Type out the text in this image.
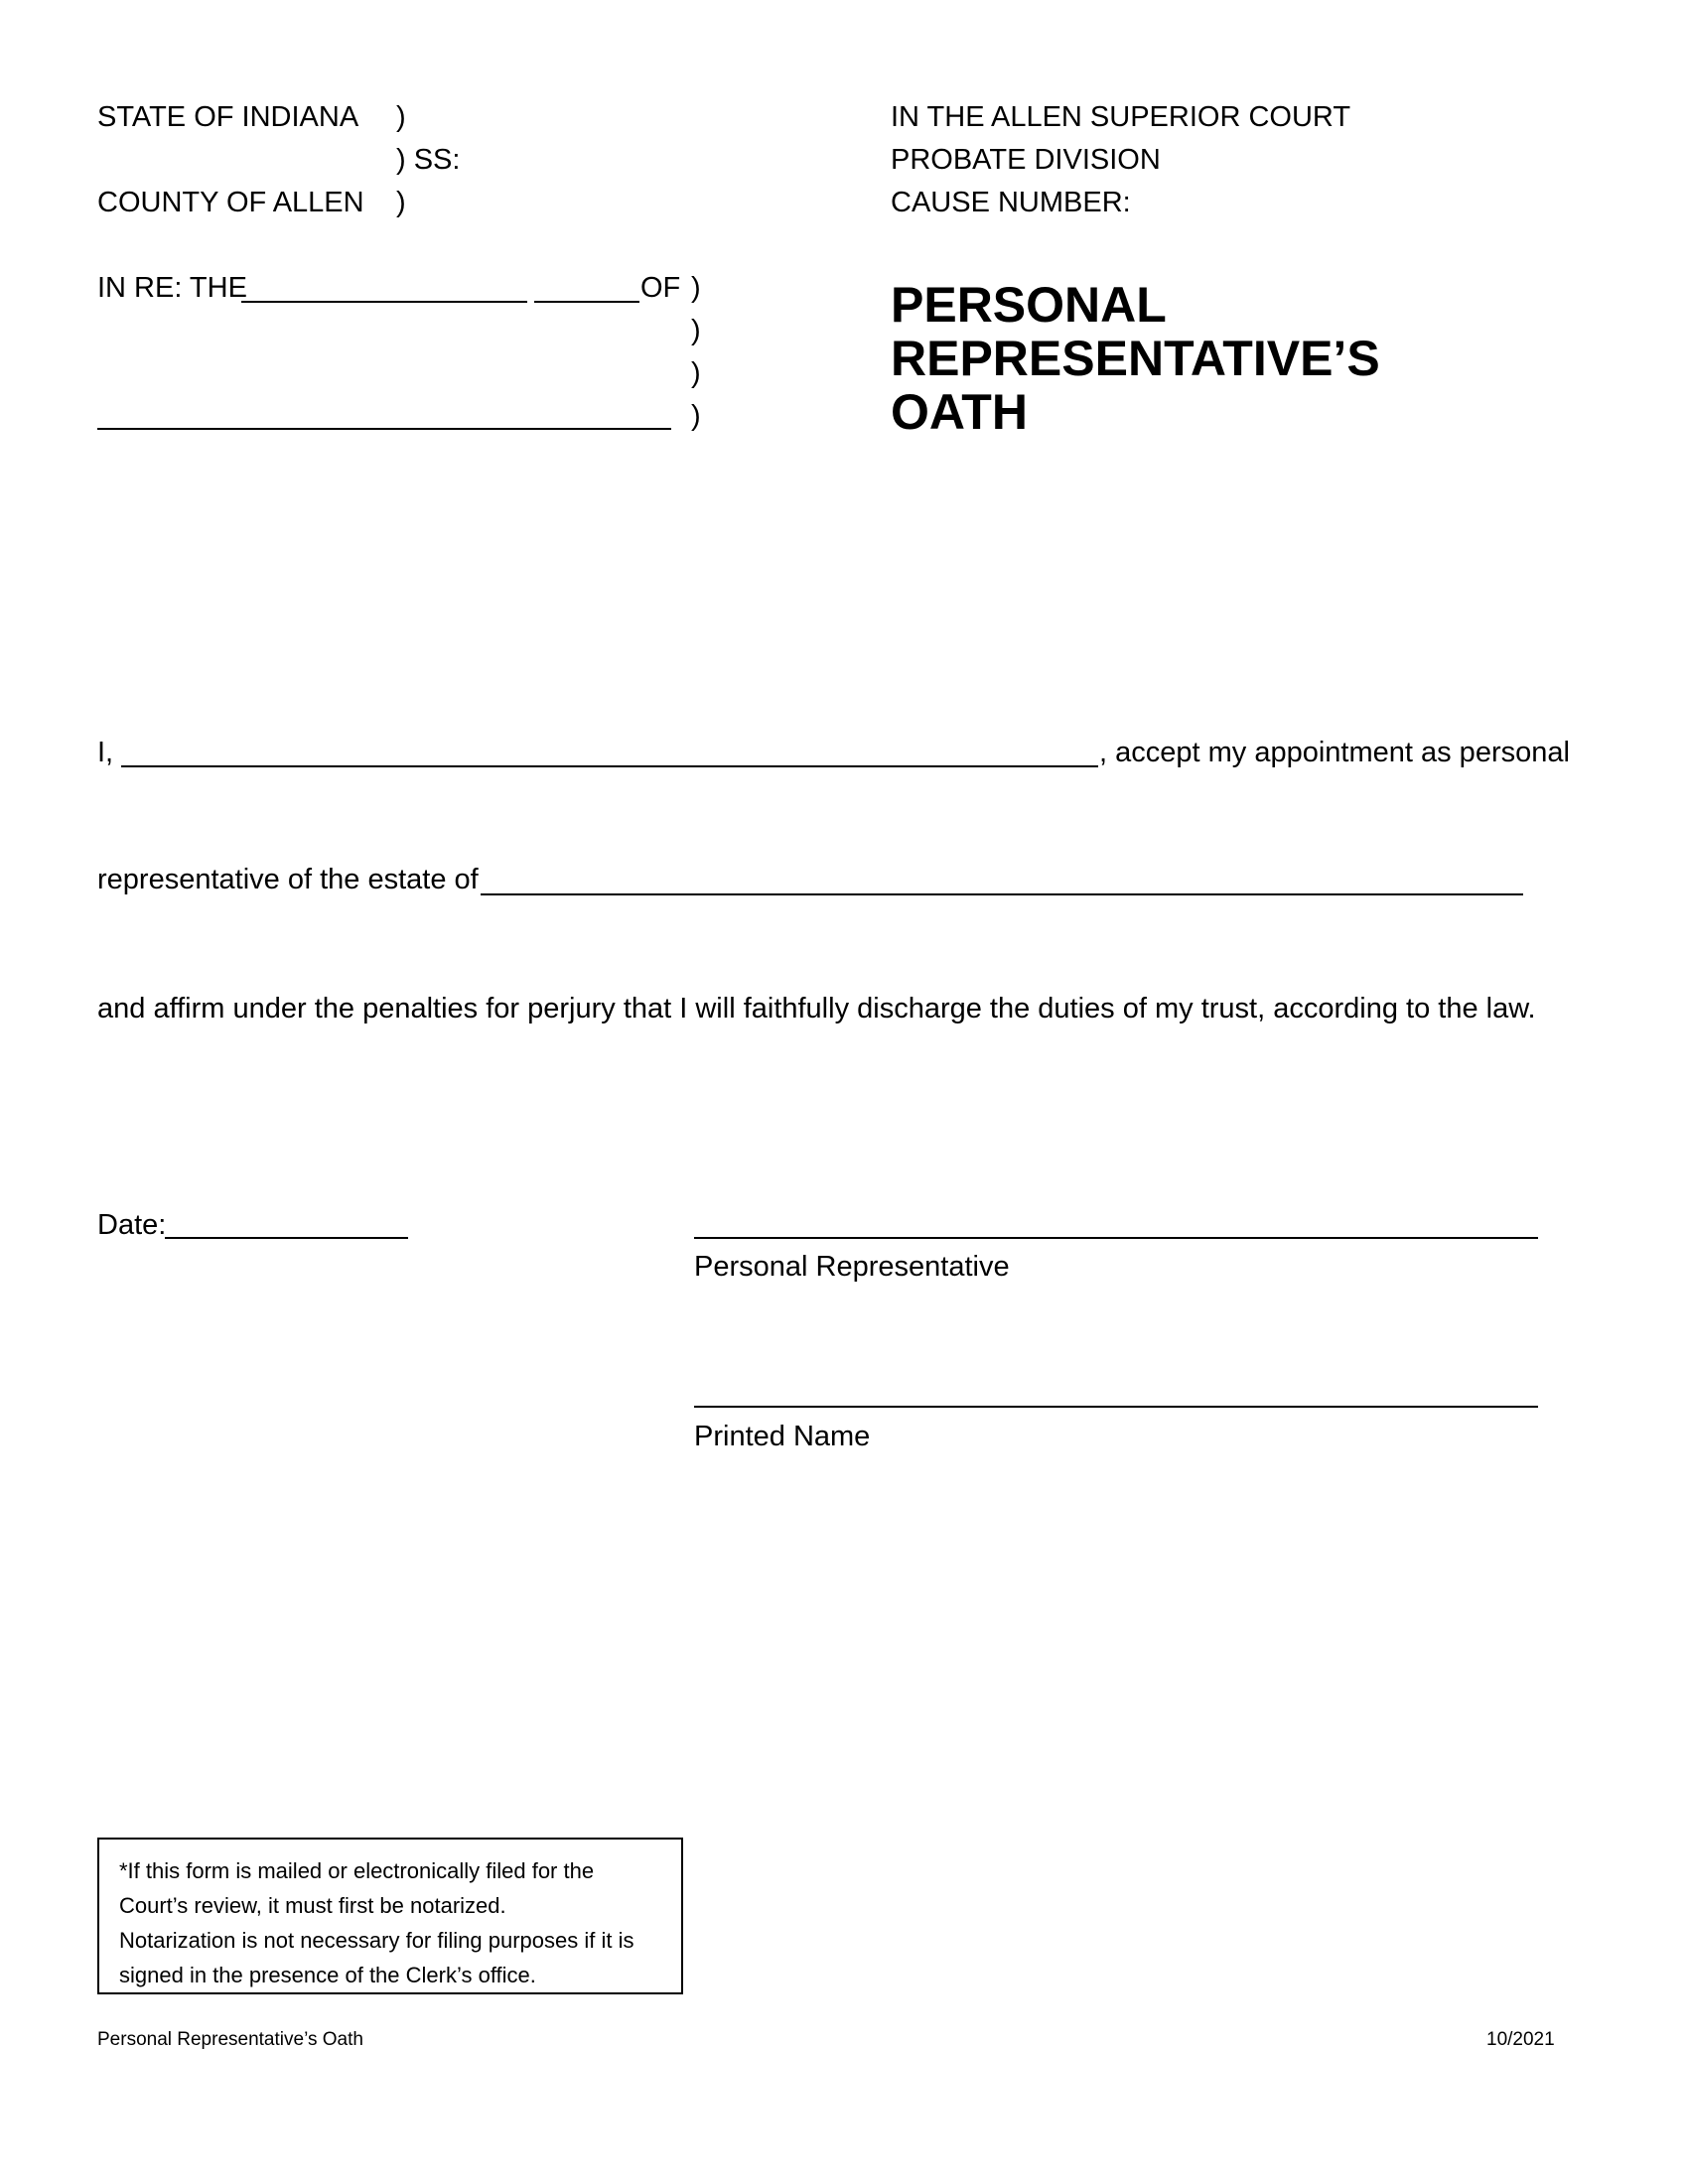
STATE OF INDIANA )
) SS:
COUNTY OF ALLEN )
IN THE ALLEN SUPERIOR COURT
PROBATE DIVISION
CAUSE NUMBER:
IN RE: THE	OF )
)
)
)
PERSONAL
REPRESENTATIVE’S
OATH
I,	, accept my appointment as personal
representative of the estate of
and affirm under the penalties for perjury that I will faithfully discharge the duties of my trust, according to the law.
Date:
Personal Representative
Printed Name
*If this form is mailed or electronically filed for the
Court’s review, it must first be notarized.
Notarization is not necessary for filing purposes if it is
signed in the presence of the Clerk’s office.
Personal Representative’s Oath	10/2021
